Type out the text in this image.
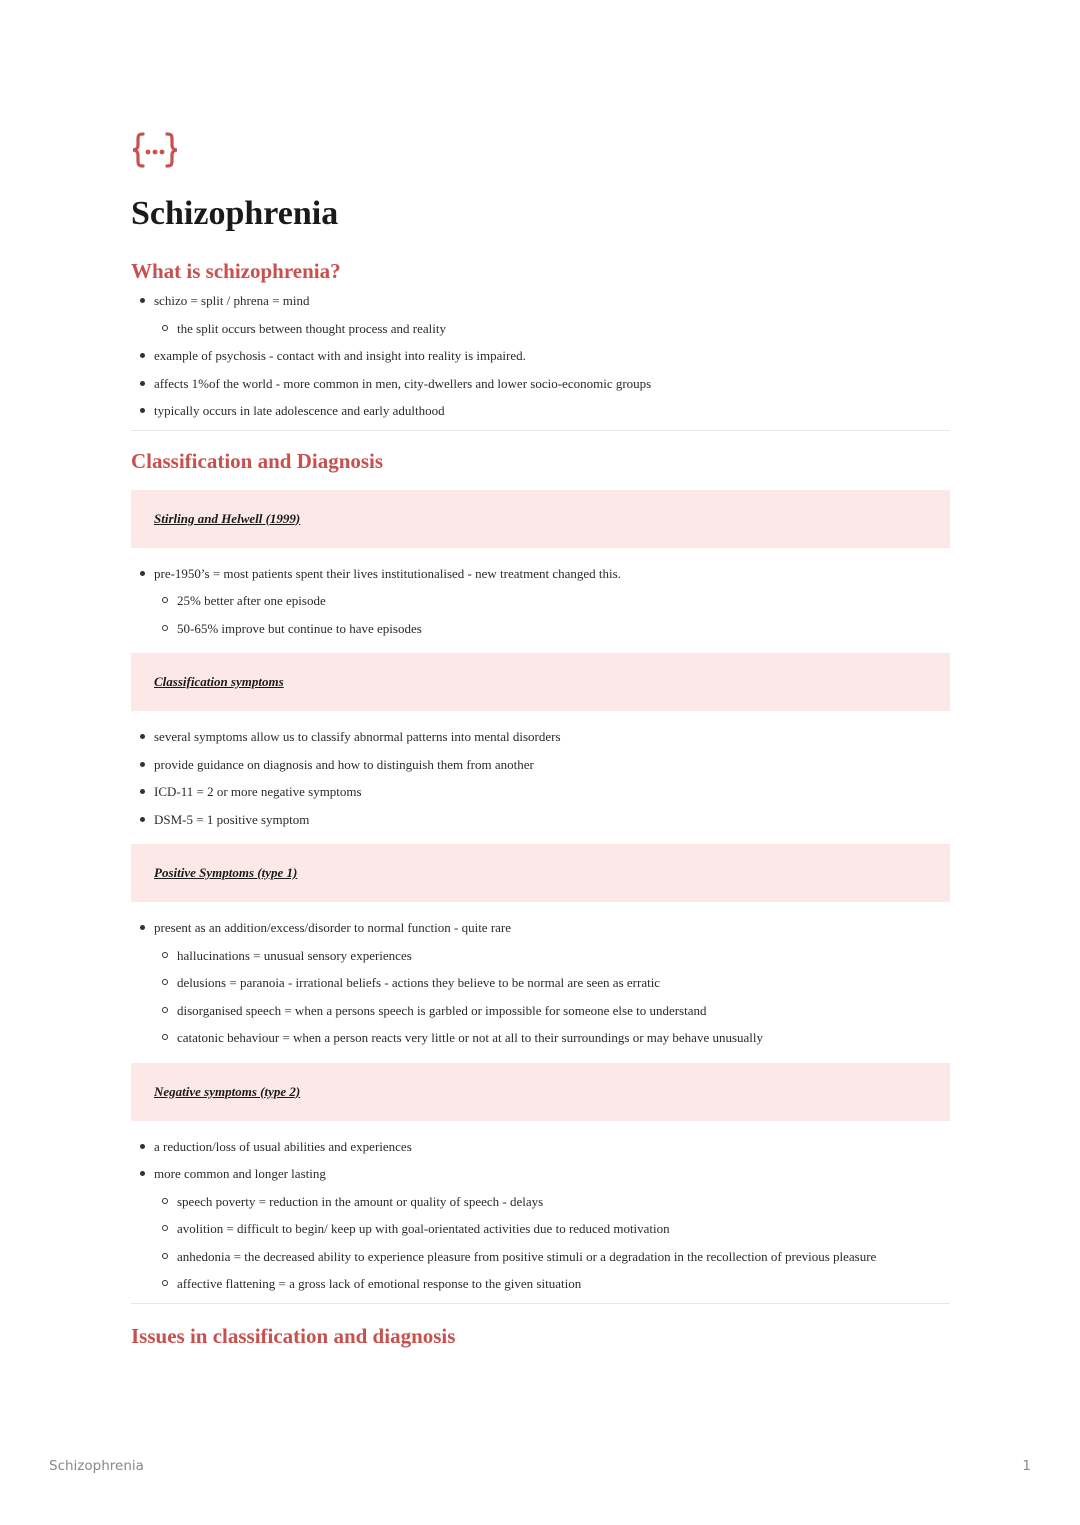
Schizophrenia
What is schizophrenia?
schizo = split / phrena = mind
the split occurs between thought process and reality
example of psychosis - contact with and insight into reality is impaired.
affects 1%of the world - more common in men, city-dwellers and lower socio-economic groups
typically occurs in late adolescence and early adulthood
Classification and Diagnosis
Stirling and Helwell (1999)
pre-1950’s = most patients spent their lives institutionalised - new treatment changed this.
25% better after one episode
50-65% improve but continue to have episodes
Classification symptoms
several symptoms allow us to classify abnormal patterns into mental disorders
provide guidance on diagnosis and how to distinguish them from another
ICD-11 = 2 or more negative symptoms
DSM-5 = 1 positive symptom
Positive Symptoms (type 1)
present as an addition/excess/disorder to normal function - quite rare
hallucinations = unusual sensory experiences
delusions = paranoia - irrational beliefs - actions they believe to be normal are seen as erratic
disorganised speech = when a persons speech is garbled or impossible for someone else to understand
catatonic behaviour = when a person reacts very little or not at all to their surroundings or may behave unusually
Negative symptoms (type 2)
a reduction/loss of usual abilities and experiences
more common and longer lasting
speech poverty = reduction in the amount or quality of speech - delays
avolition = difficult to begin/ keep up with goal-orientated activities due to reduced motivation
anhedonia = the decreased ability to experience pleasure from positive stimuli or a degradation in the recollection of previous pleasure
affective flattening = a gross lack of emotional response to the given situation
Issues in classification and diagnosis
Schizophrenia	1
